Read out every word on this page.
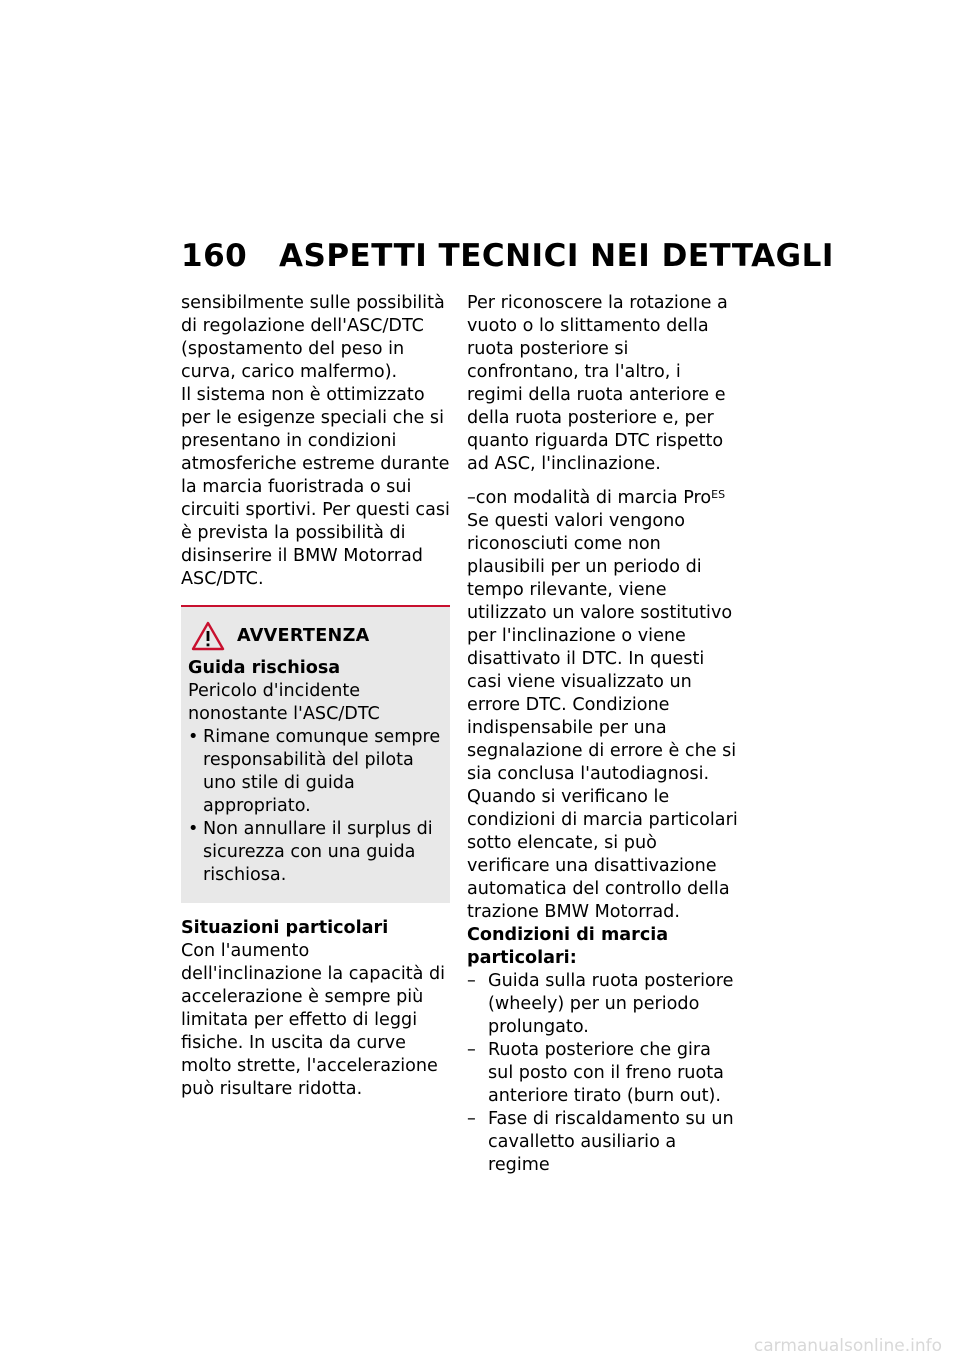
160 ASPETTI TECNICI NEI DETTAGLI

sensibilmente sulle possibilità di regolazione dell'ASC/DTC (spostamento del peso in curva, carico malfermo).

Il sistema non è ottimizzato per le esigenze speciali che si presentano in condizioni atmosferiche estreme durante la marcia fuoristrada o sui circuiti sportivi. Per questi casi è prevista la possibilità di disinserire il BMW Motorrad ASC/DTC.

AVVERTENZA

Guida rischiosa

Pericolo d'incidente nonostante l'ASC/DTC

• Rimane comunque sempre responsabilità del pilota uno stile di guida appropriato.
• Non annullare il surplus di sicurezza con una guida rischiosa.

Situazioni particolari

Con l'aumento dell'inclinazione la capacità di accelerazione è sempre più limitata per effetto di leggi fisiche. In uscita da curve molto strette, l'accelerazione può risultare ridotta.

Per riconoscere la rotazione a vuoto o lo slittamento della ruota posteriore si confrontano, tra l'altro, i regimi della ruota anteriore e della ruota posteriore e, per quanto riguarda DTC rispetto ad ASC, l'inclinazione.

–con modalità di marcia Pro$^{ES}$

Se questi valori vengono riconosciuti come non plausibili per un periodo di tempo rilevante, viene utilizzato un valore sostitutivo per l'inclinazione o viene disattivato il DTC. In questi casi viene visualizzato un errore DTC. Condizione indispensabile per una segnalazione di errore è che si sia conclusa l'autodiagnosi.

Quando si verificano le condizioni di marcia particolari sotto elencate, si può verificare una disattivazione automatica del controllo della trazione BMW Motorrad.

Condizioni di marcia particolari:

– Guida sulla ruota posteriore (wheely) per un periodo prolungato.
– Ruota posteriore che gira sul posto con il freno ruota anteriore tirato (burn out).
– Fase di riscaldamento su un cavalletto ausiliario a regime
carmanualsonline.info
